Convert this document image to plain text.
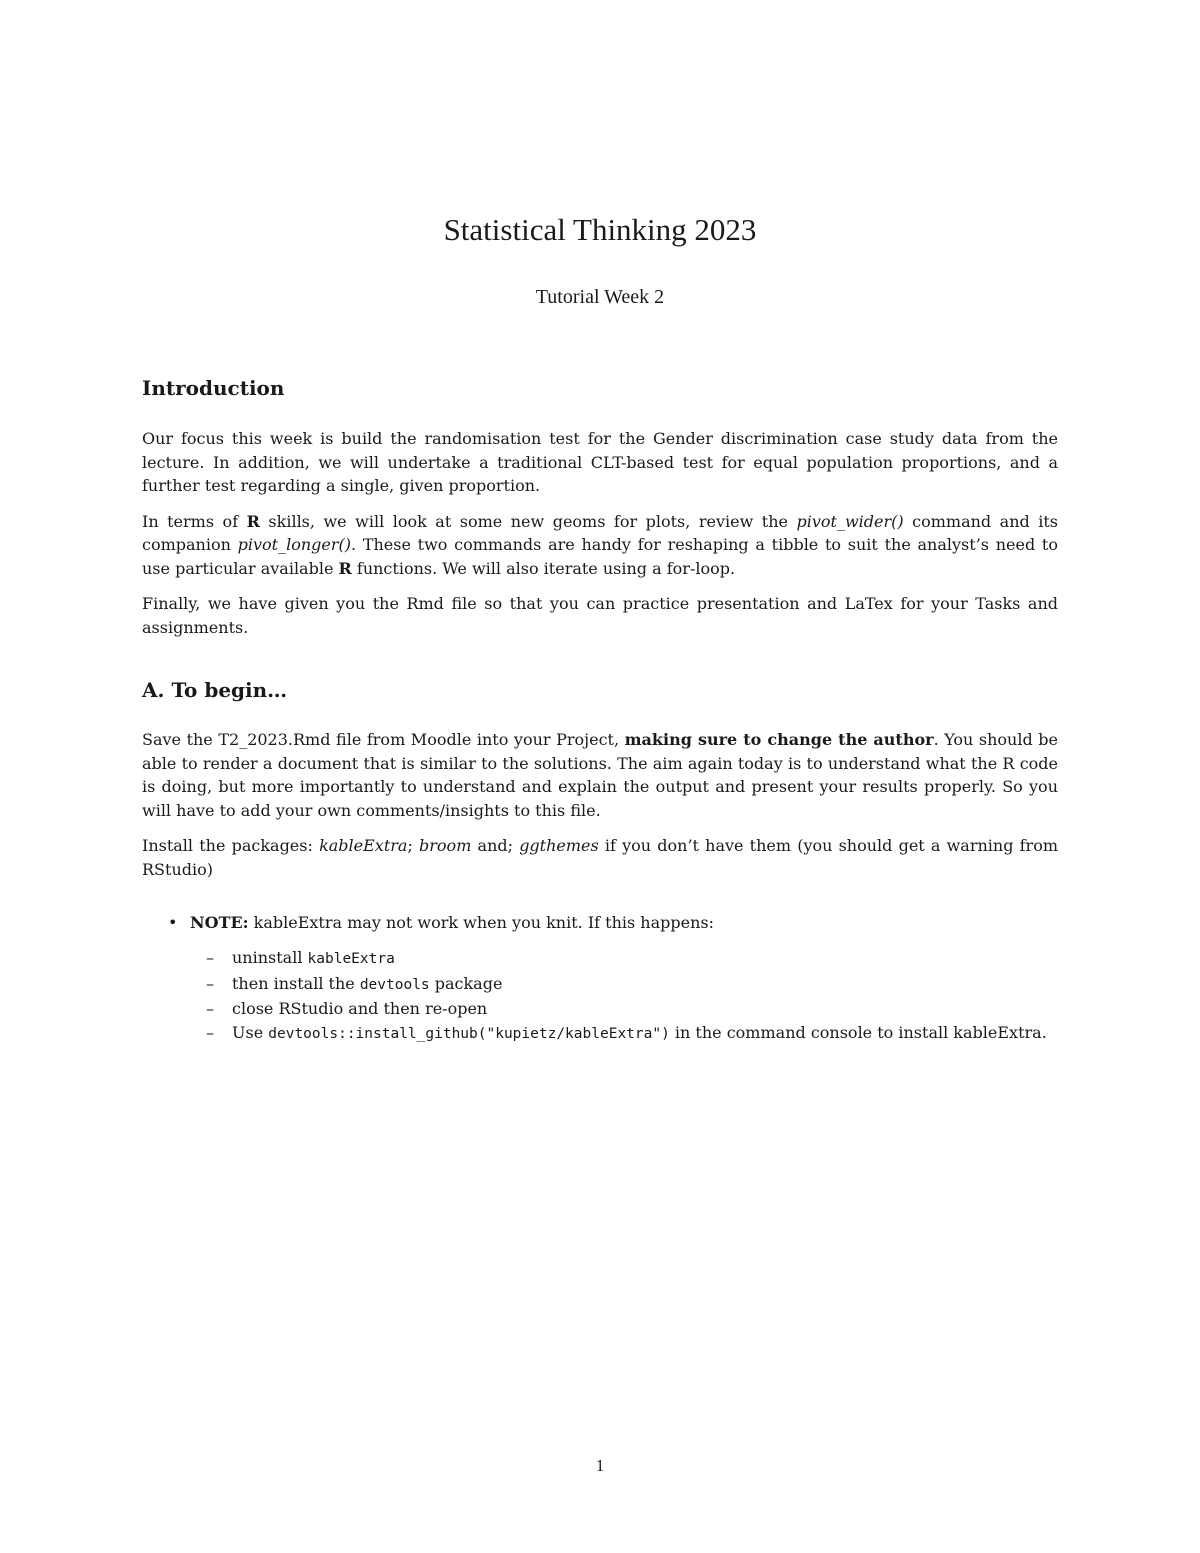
Statistical Thinking 2023
Tutorial Week 2
Introduction

Our focus this week is build the randomisation test for the Gender discrimination case study data from the lecture. In addition, we will undertake a traditional CLT-based test for equal population proportions, and a further test regarding a single, given proportion.

In terms of R skills, we will look at some new geoms for plots, review the pivot_wider() command and its companion pivot_longer(). These two commands are handy for reshaping a tibble to suit the analyst’s need to use particular available R functions. We will also iterate using a for-loop.

Finally, we have given you the Rmd file so that you can practice presentation and LaTex for your Tasks and assignments.

A. To begin…

Save the T2_2023.Rmd file from Moodle into your Project, making sure to change the author. You should be able to render a document that is similar to the solutions. The aim again today is to understand what the R code is doing, but more importantly to understand and explain the output and present your results properly. So you will have to add your own comments/insights to this file.

Install the packages: kableExtra; broom and; ggthemes if you don’t have them (you should get a warning from RStudio)

• NOTE: kableExtra may not work when you knit. If this happens:
–	uninstall kableExtra
–	then install the devtools package
–	close RStudio and then re-open
–	Use devtools::install_github("kupietz/kableExtra") in the command console to install kableExtra.
1
